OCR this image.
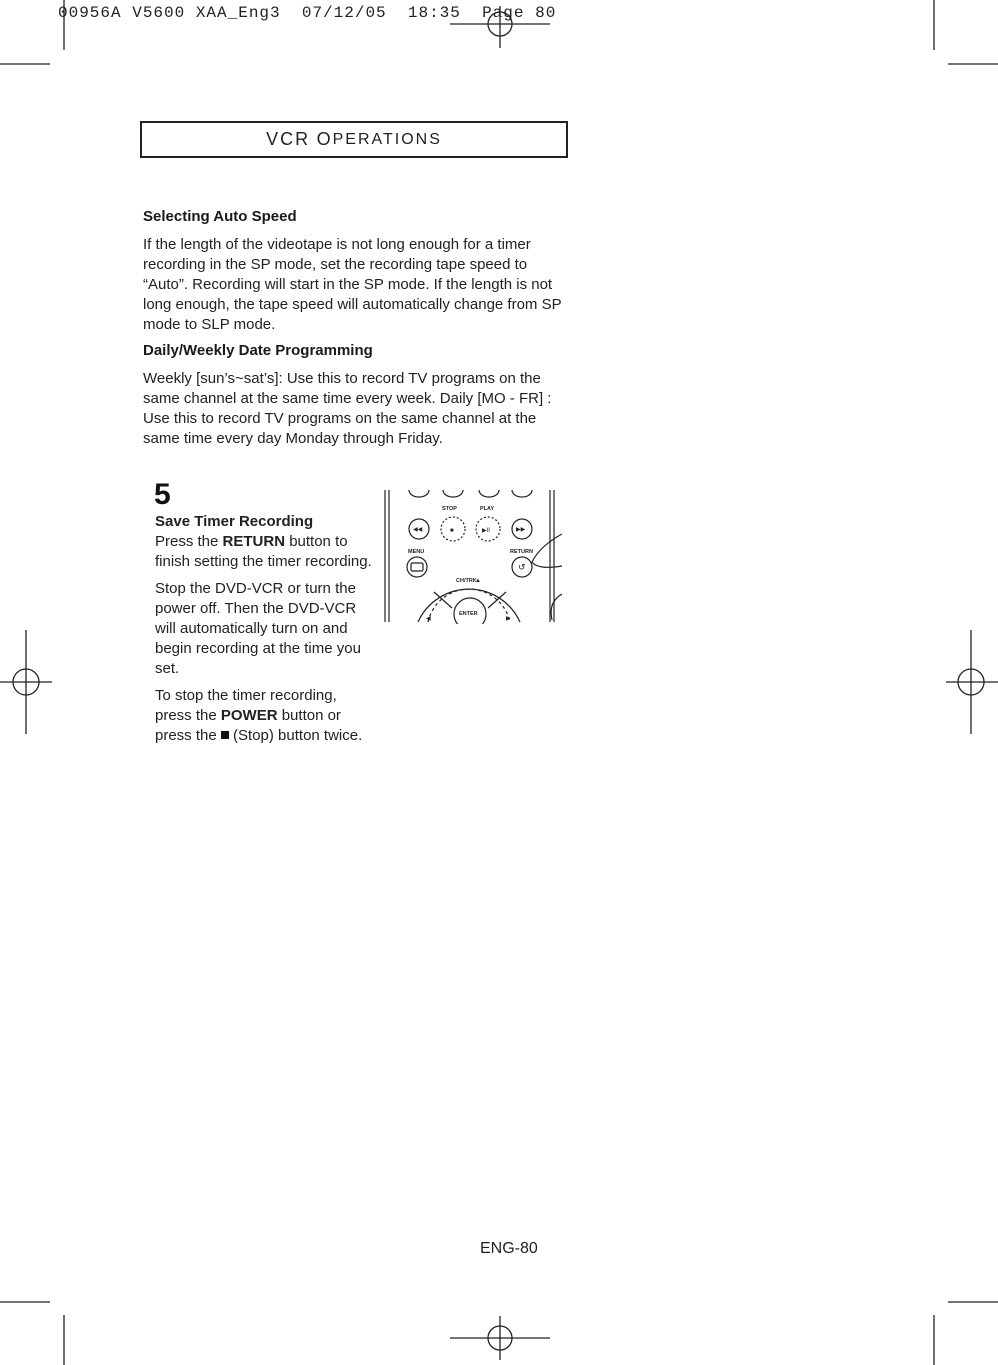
00956A V5600 XAA_Eng3 07/12/05 18:35 Page 80
VCR
O PERATIONS

Selecting Auto Speed

If the length of the videotape is not long enough for a timer recording in the SP mode, set the recording tape speed to “Auto”. Recording will start in the SP mode. If the length is not long enough, the tape speed will automatically change from SP mode to SLP mode.

Daily/Weekly Date Programming

Weekly [sun’s~sat’s]: Use this to record TV programs on the same channel at the same time every week. Daily [MO - FR] : Use this to record TV programs on the same channel at the same time every day Monday through Friday.

5

Save Timer Recording

Press the RETURN button to finish setting the timer recording.

Stop the DVD-VCR or turn the power off. Then the DVD-VCR will automatically turn on and begin recording at the time you set.

To stop the timer recording, press the POWER button or press the  (Stop) button twice.

STOP	PLAY
MENU	RETURN
CH/TRK
ENTER
◀◀	■	▶II	▶▶
↺
▲
◀	▶
ENG-80
